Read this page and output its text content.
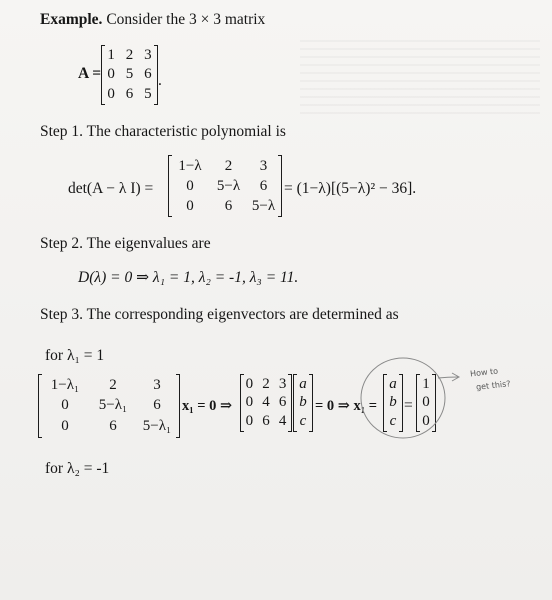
Example. Consider the 3 × 3 matrix
A =
1 2 3
0 5 6
0 6 5
.
Step 1. The characteristic polynomial is
det(A − λ I) =
1−λ	2	3
0	5−λ	6
0	6	5−λ
= (1−λ)[(5−λ)² − 36].
Step 2. The eigenvalues are
D(λ) = 0 ⇒ λ₁ = 1, λ₂ = -1, λ₃ = 11.
Step 3. The corresponding eigenvectors are determined as
for λ₁ = 1
1−λ₁	2	3
0	5−λ₁	6
0	6	5−λ₁
x₁ = 0 ⇒
0 2 3
0 4 6
0 6 4
a
b
c
= 0 ⇒ x₁ =
a
b
c
=
1
0
0
How to
get this?
for λ₂ = -1
